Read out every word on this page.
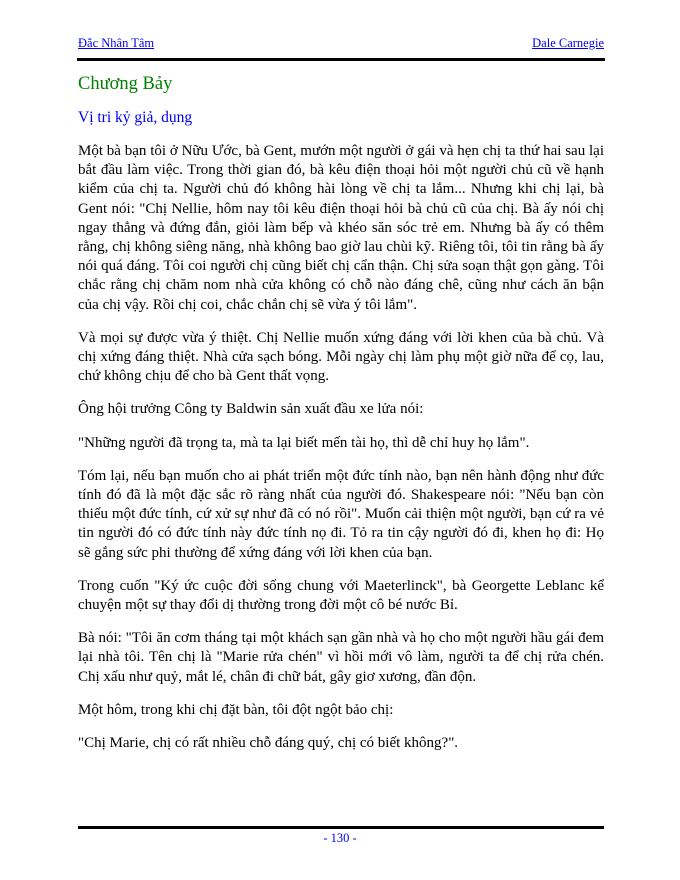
Đắc Nhân Tâm	Dale Carnegie
Chương Bảy
Vị tri kỷ giả, dụng

Một bà bạn tôi ở Nữu Ước, bà Gent, mướn một người ở gái và hẹn chị ta thứ hai sau lại bắt đầu làm việc. Trong thời gian đó, bà kêu điện thoại hỏi một người chủ cũ về hạnh kiểm của chị ta. Người chủ đó không hài lòng về chị ta lắm... Nhưng khi chị lại, bà Gent nói: "Chị Nellie, hôm nay tôi kêu điện thoại hỏi bà chủ cũ của chị. Bà ấy nói chị ngay thẳng và đứng đắn, giỏi làm bếp và khéo săn sóc trẻ em. Nhưng bà ấy có thêm rằng, chị không siêng năng, nhà không bao giờ lau chùi kỹ. Riêng tôi, tôi tin rằng bà ấy nói quá đáng. Tôi coi người chị cũng biết chị cẩn thận. Chị sửa soạn thật gọn gàng. Tôi chắc rằng chị chăm nom nhà cửa không có chỗ nào đáng chê, cũng như cách ăn bận của chị vậy. Rồi chị coi, chắc chắn chị sẽ vừa ý tôi lắm".

Và mọi sự được vừa ý thiệt. Chị Nellie muốn xứng đáng với lời khen của bà chủ. Và chị xứng đáng thiệt. Nhà cửa sạch bóng. Mỗi ngày chị làm phụ một giờ nữa để cọ, lau, chứ không chịu để cho bà Gent thất vọng.

Ông hội trưởng Công ty Baldwin sản xuất đầu xe lửa nói:

"Những người đã trọng ta, mà ta lại biết mến tài họ, thì dễ chỉ huy họ lắm".

Tóm lại, nếu bạn muốn cho ai phát triển một đức tính nào, bạn nên hành động như đức tính đó đã là một đặc sắc rõ ràng nhất của người đó. Shakespeare nói: "Nếu bạn còn thiếu một đức tính, cứ xử sự như đã có nó rồi". Muốn cải thiện một người, bạn cứ ra vẻ tin người đó có đức tính này đức tính nọ đi. Tỏ ra tin cậy người đó đi, khen họ đi: Họ sẽ gắng sức phi thường để xứng đáng với lời khen của bạn.

Trong cuốn "Ký ức cuộc đời sống chung với Maeterlinck", bà Georgette Leblanc kể chuyện một sự thay đổi dị thường trong đời một cô bé nước Bỉ.

Bà nói: "Tôi ăn cơm tháng tại một khách sạn gần nhà và họ cho một người hầu gái đem lại nhà tôi. Tên chị là "Marie rửa chén" vì hồi mới vô làm, người ta để chị rửa chén. Chị xấu như quỷ, mắt lé, chân đi chữ bát, gây giơ xương, đần độn.

Một hôm, trong khi chị đặt bàn, tôi đột ngột bảo chị:

"Chị Marie, chị có rất nhiều chỗ đáng quý, chị có biết không?".

- 130 -
